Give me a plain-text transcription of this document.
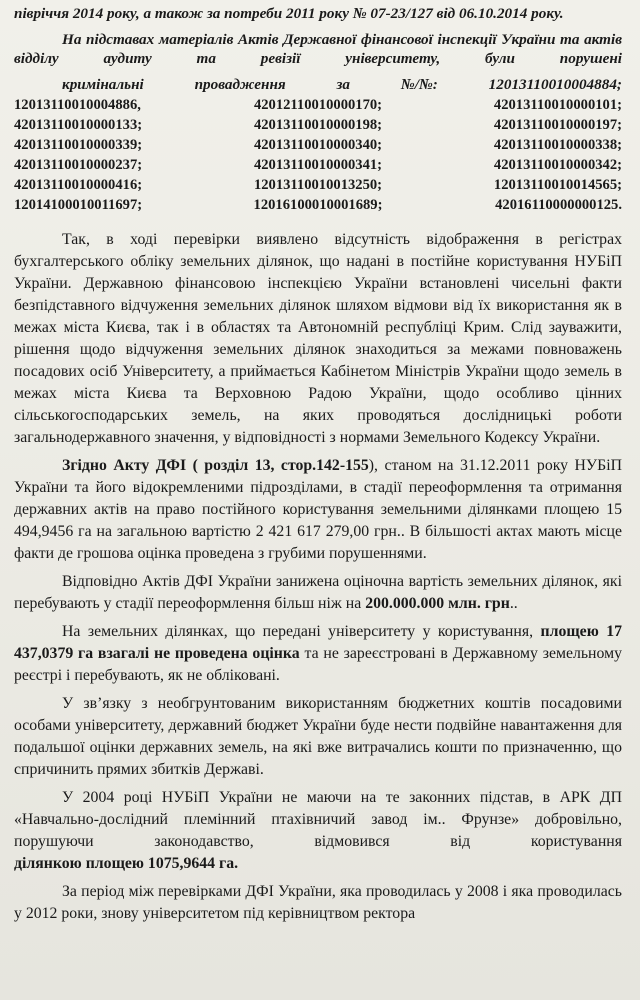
півріччя 2014 року, а також за потреби 2011 року № 07-23/127 від 06.10.2014 року.

На підставах матеріалів Актів Державної фінансової інспекції України та актів відділу аудиту та ревізії університету, були порушені

кримінальні	провадження	за	№/№:	12013110010004884;

12013110010004886,	42012110010000170;	42013110010000101;
42013110010000133;	42013110010000198;	42013110010000197;
42013110010000339;	42013110010000340;	42013110010000338;
42013110010000237;	42013110010000341;	42013110010000342;
42013110010000416;	12013110010013250;	12013110010014565;
12014100010011697;	12016100010001689;	42016110000000125.

Так, в ході перевірки виявлено відсутність відображення в регістрах бухгалтерського обліку земельних ділянок, що надані в постійне користування НУБіП України. Державною фінансовою інспекцією України встановлені чисельні факти безпідставного відчуження земельних ділянок шляхом відмови від їх використання як в межах міста Києва, так і в областях та Автономній республіці Крим. Слід зауважити, рішення щодо відчуження земельних ділянок знаходиться за межами повноважень посадових осіб Університету, а приймається Кабінетом Міністрів України щодо земель в межах міста Києва та Верховною Радою України, щодо особливо цінних сільськогосподарських земель, на яких проводяться дослідницькі роботи загальнодержавного значення, у відповідності з нормами Земельного Кодексу України.

Згідно Акту ДФІ ( розділ 13, стор.142-155), станом на 31.12.2011 року НУБіП України та його відокремленими підрозділами, в стадії переоформлення та отримання державних актів на право постійного користування земельними ділянками площею 15 494,9456 га на загальною вартістю 2 421 617 279,00 грн.. В більшості актах мають місце факти де грошова оцінка проведена з грубими порушеннями.

Відповідно Актів ДФІ України занижена оціночна вартість земельних ділянок, які перебувають у стадії переоформлення більш ніж на 200.000.000 млн. грн..

На земельних ділянках, що передані університету у користування, площею 17 437,0379 га взагалі не проведена оцінка та не зареєстровані в Державному земельному реєстрі і перебувають, як не обліковані.

У зв’язку з необгрунтованим використанням бюджетних коштів посадовими особами університету, державний бюджет України буде нести подвійне навантаження для подальшої оцінки державних земель, на які вже витрачались кошти по призначенню, що спричинить прямих збитків Державі.

У 2004 році НУБіП України не маючи на те законних підстав, в АРК ДП «Навчально-дослідний племінний птахівничий завод ім.. Фрунзе» добровільно, порушуючи законодавство, відмовився від користування ділянкою площею 1075,9644 га.

За період між перевірками ДФІ України, яка проводилась у 2008 і яка проводилась у 2012 роки, знову університетом під керівництвом ректора
